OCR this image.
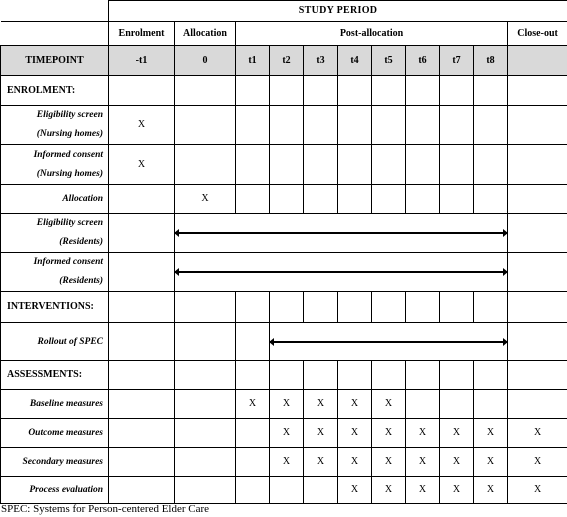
	STUDY PERIOD										
	Enrolment	Allocation	Post-allocation								Close-out
TIMEPOINT	-t1	0	t1	t2	t3	t4	t5	t6	t7	t8	
ENROLMENT:											
Eligibility screen
(Nursing homes)	X										
Informed consent
(Nursing homes)	X										
Allocation		X									
Eligibility screen
(Residents)										

Informed consent
(Residents)										

INTERVENTIONS:											
Rollout of SPEC										

ASSESSMENTS:											
Baseline measures			X	X	X	X	X				
Outcome measures				X	X	X	X	X	X	X	X
Secondary measures				X	X	X	X	X	X	X	X
Process evaluation						X	X	X	X	X	X
SPEC: Systems for Person-centered Elder Care
